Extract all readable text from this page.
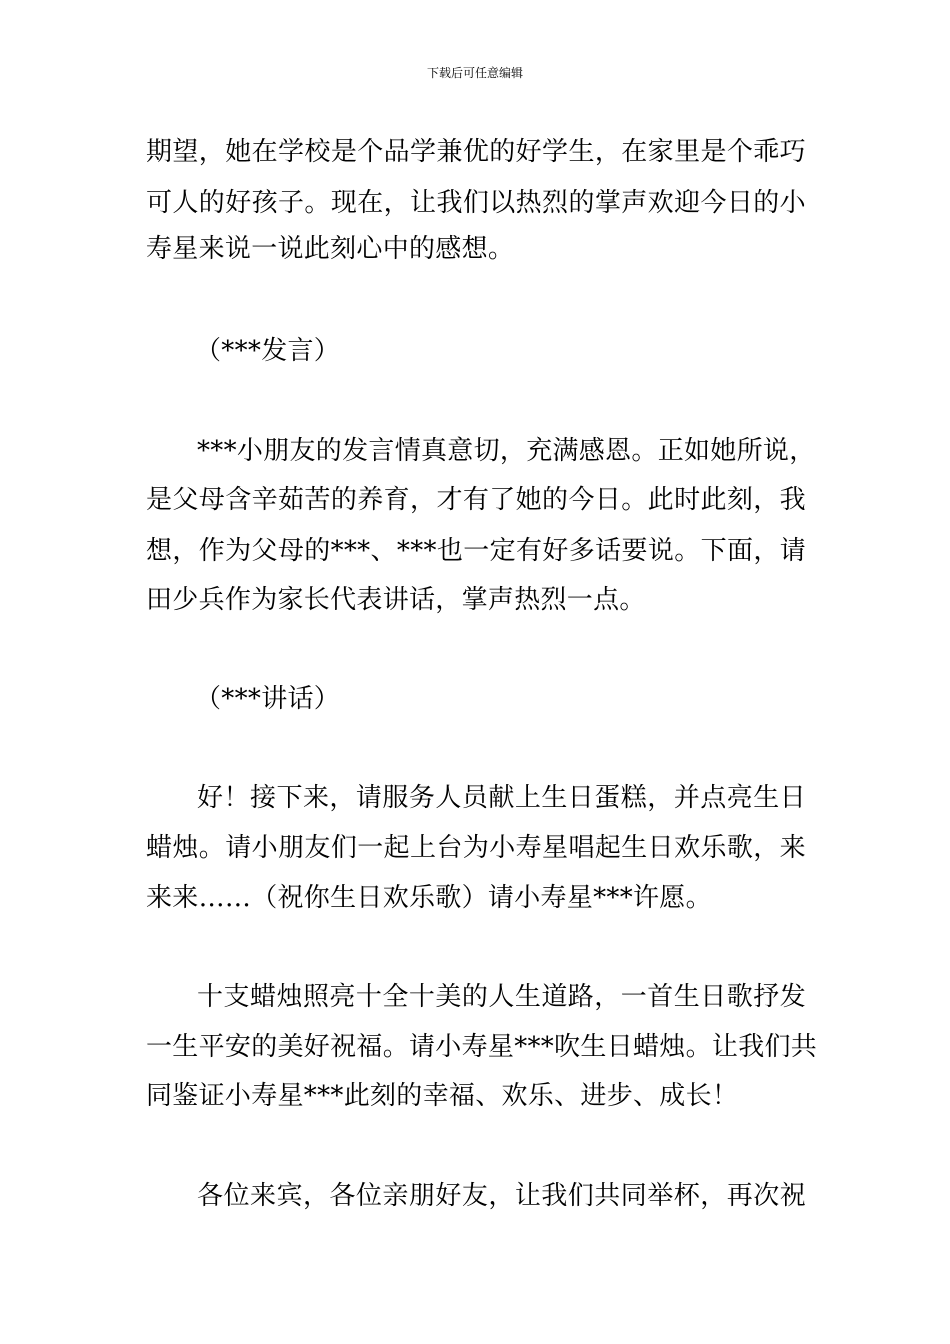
下载后可任意编辑
期望，她在学校是个品学兼优的好学生，在家里是个乖巧
可人的好孩子。现在，让我们以热烈的掌声欢迎今日的小
寿星来说一说此刻心中的感想。
（***发言）
***小朋友的发言情真意切，充满感恩。正如她所说，
是父母含辛茹苦的养育，才有了她的今日。此时此刻，我
想，作为父母的***、***也一定有好多话要说。下面，请
田少兵作为家长代表讲话，掌声热烈一点。
（***讲话）
好！接下来，请服务人员献上生日蛋糕，并点亮生日
蜡烛。请小朋友们一起上台为小寿星唱起生日欢乐歌，来
来来……（祝你生日欢乐歌）请小寿星***许愿。
十支蜡烛照亮十全十美的人生道路，一首生日歌抒发
一生平安的美好祝福。请小寿星***吹生日蜡烛。让我们共
同鉴证小寿星***此刻的幸福、欢乐、进步、成长！
各位来宾，各位亲朋好友，让我们共同举杯，再次祝
